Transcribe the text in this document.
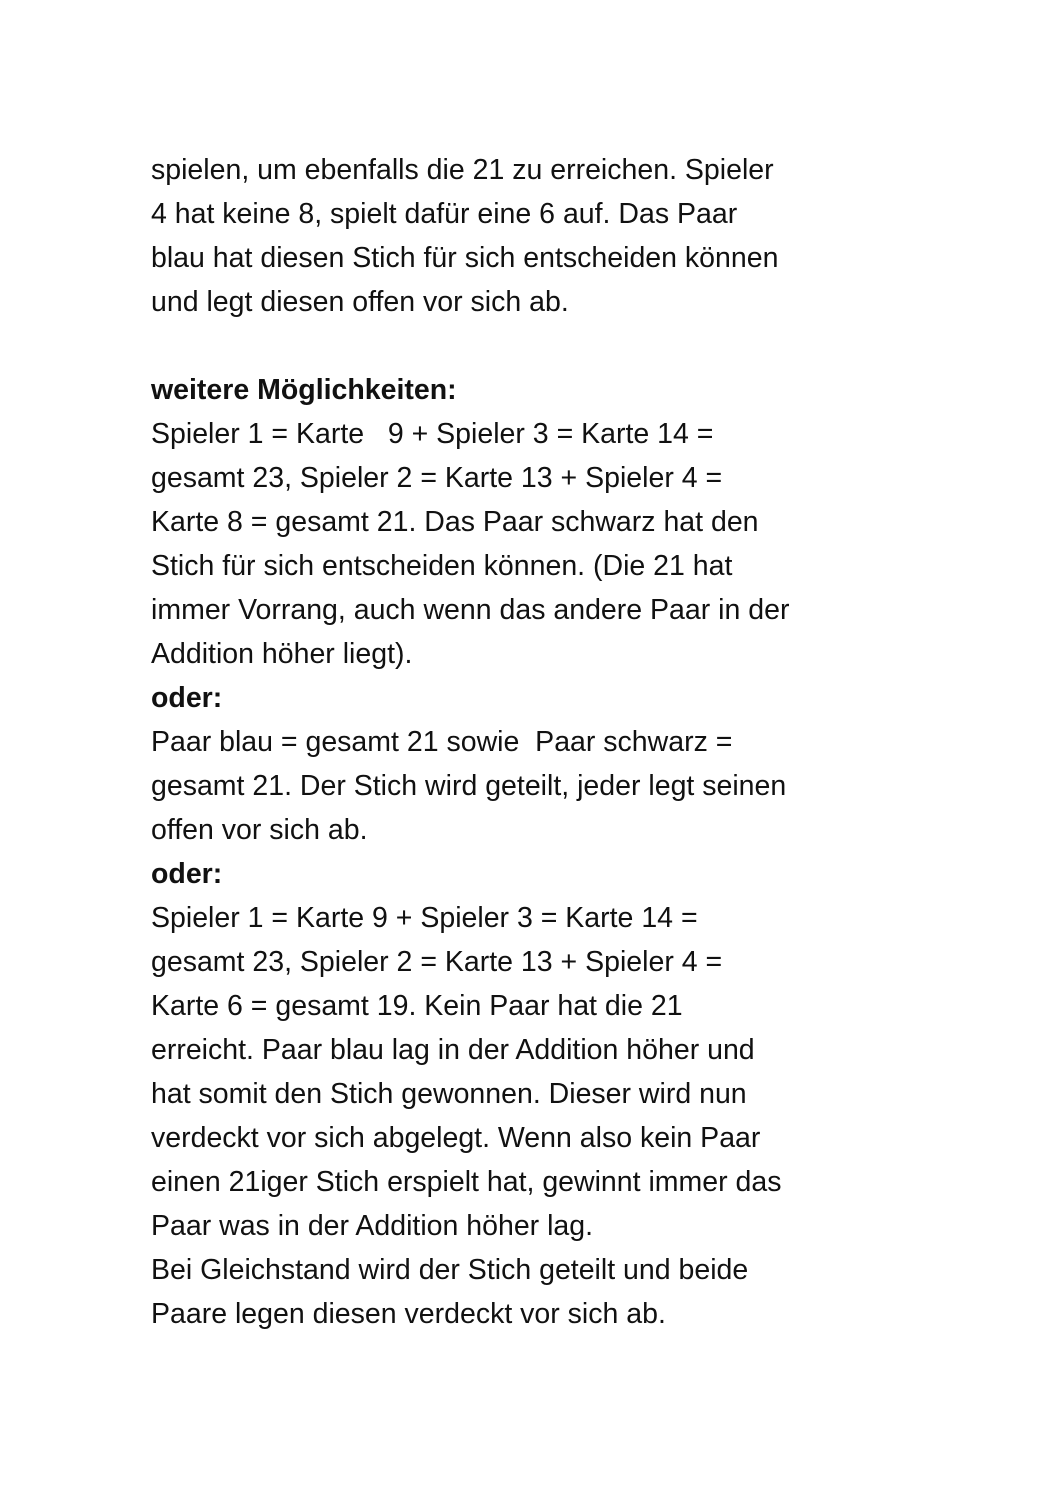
spielen, um ebenfalls die 21 zu erreichen. Spieler
4 hat keine 8, spielt dafür eine 6 auf. Das Paar
blau hat diesen Stich für sich entscheiden können
und legt diesen offen vor sich ab.
weitere Möglichkeiten:
Spieler 1 = Karte   9 + Spieler 3 = Karte 14 =
gesamt 23, Spieler 2 = Karte 13 + Spieler 4 =
Karte 8 = gesamt 21. Das Paar schwarz hat den
Stich für sich entscheiden können. (Die 21 hat
immer Vorrang, auch wenn das andere Paar in der
Addition höher liegt).
oder:
Paar blau = gesamt 21 sowie  Paar schwarz =
gesamt 21. Der Stich wird geteilt, jeder legt seinen
offen vor sich ab.
oder:
Spieler 1 = Karte 9 + Spieler 3 = Karte 14 =
gesamt 23, Spieler 2 = Karte 13 + Spieler 4 =
Karte 6 = gesamt 19. Kein Paar hat die 21
erreicht. Paar blau lag in der Addition höher und
hat somit den Stich gewonnen. Dieser wird nun
verdeckt vor sich abgelegt. Wenn also kein Paar
einen 21iger Stich erspielt hat, gewinnt immer das
Paar was in der Addition höher lag.
Bei Gleichstand wird der Stich geteilt und beide
Paare legen diesen verdeckt vor sich ab.
